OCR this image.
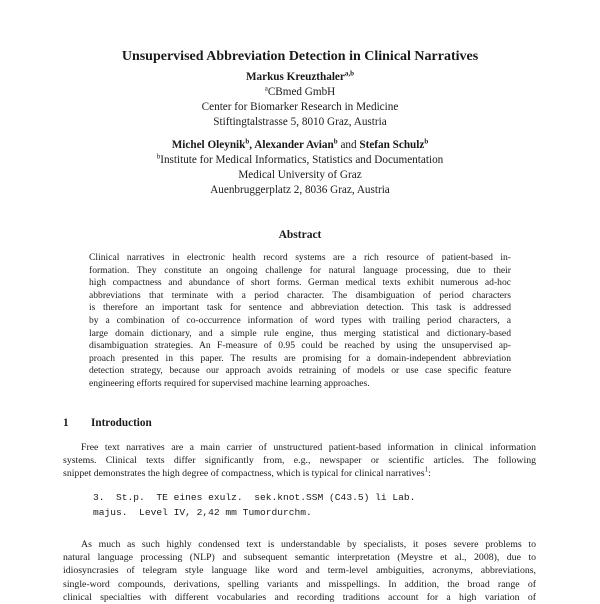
Unsupervised Abbreviation Detection in Clinical Narratives
Markus Kreuzthaler$^{a,b}$
$^a$CBmed GmbH
Center for Biomarker Research in Medicine
Stiftingtalstrasse 5, 8010 Graz, Austria
Michel Oleynik$^b$, Alexander Avian$^b$ and Stefan Schulz$^b$
$^b$Institute for Medical Informatics, Statistics and Documentation
Medical University of Graz
Auenbruggerplatz 2, 8036 Graz, Austria
Abstract
Clinical narratives in electronic health record systems are a rich resource of patient-based in-
formation. They constitute an ongoing challenge for natural language processing, due to their
high compactness and abundance of short forms. German medical texts exhibit numerous ad-hoc
abbreviations that terminate with a period character. The disambiguation of period characters
is therefore an important task for sentence and abbreviation detection. This task is addressed
by a combination of co-occurrence information of word types with trailing period characters, a
large domain dictionary, and a simple rule engine, thus merging statistical and dictionary-based
disambiguation strategies. An F-measure of 0.95 could be reached by using the unsupervised ap-
proach presented in this paper. The results are promising for a domain-independent abbreviation
detection strategy, because our approach avoids retraining of models or use case specific feature
engineering efforts required for supervised machine learning approaches.
1 Introduction
Free text narratives are a main carrier of unstructured patient-based information in clinical information
systems. Clinical texts differ significantly from, e.g., newspaper or scientific articles. The following
snippet demonstrates the high degree of compactness, which is typical for clinical narratives$^1$:
3.  St.p.  TE eines exulz.  sek.knot.SSM (C43.5) li Lab.
majus.  Level IV, 2,42 mm Tumordurchm.
As much as such highly condensed text is understandable by specialists, it poses severe problems to
natural language processing (NLP) and subsequent semantic interpretation (Meystre et al., 2008), due to
idiosyncrasies of telegram style language like word and term-level ambiguities, acronyms, abbreviations,
single-word compounds, derivations, spelling variants and misspellings. In addition, the broad range of
clinical specialties with different vocabularies and recording traditions account for a high variation of
